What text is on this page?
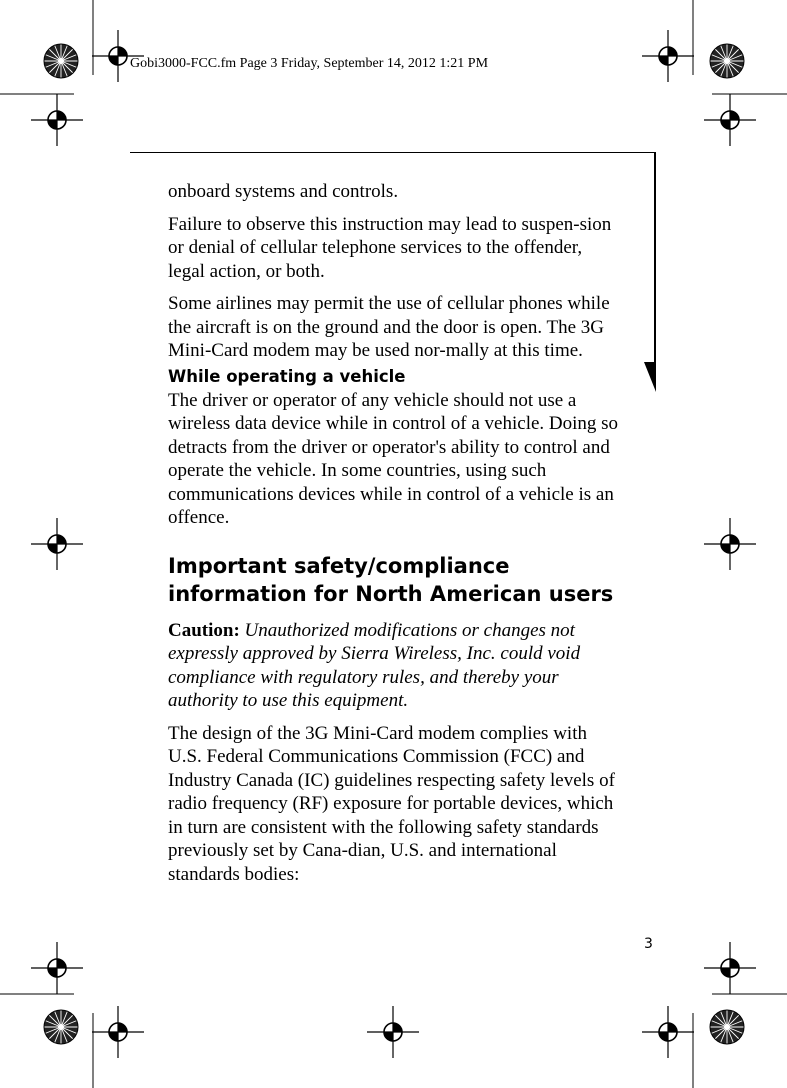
Gobi3000-FCC.fm Page 3 Friday, September 14, 2012 1:21 PM

onboard systems and controls.

Failure to observe this instruction may lead to suspen-sion or denial of cellular telephone services to the offender, legal action, or both.

Some airlines may permit the use of cellular phones while the aircraft is on the ground and the door is open. The 3G Mini-Card modem may be used nor-mally at this time.

While operating a vehicle

The driver or operator of any vehicle should not use a wireless data device while in control of a vehicle. Doing so detracts from the driver or operator's ability to control and operate the vehicle. In some countries, using such communications devices while in control of a vehicle is an offence.

Important safety/compliance information for North American users

Caution: Unauthorized modifications or changes not expressly approved by Sierra Wireless, Inc. could void compliance with regulatory rules, and thereby your authority to use this equipment.

The design of the 3G Mini-Card modem complies with U.S. Federal Communications Commission (FCC) and Industry Canada (IC) guidelines respecting safety levels of radio frequency (RF) exposure for portable devices, which in turn are consistent with the following safety standards previously set by Cana-dian, U.S. and international standards bodies:

3
